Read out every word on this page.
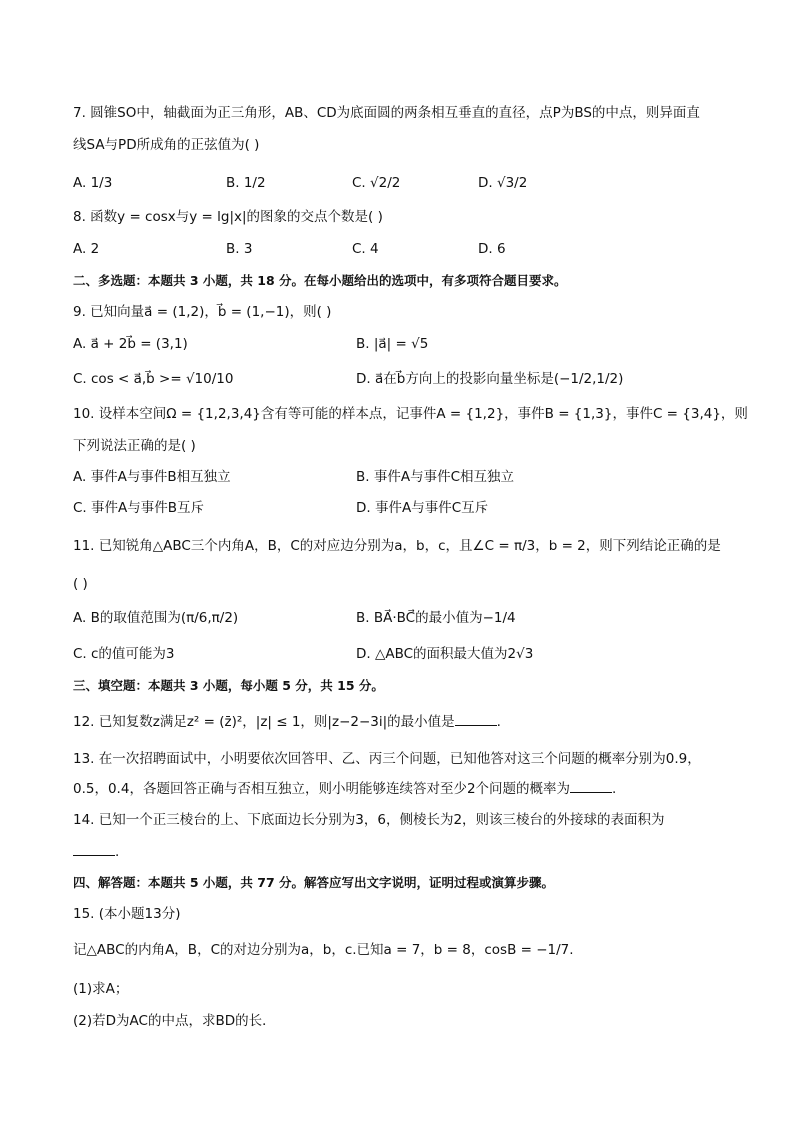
7. 圆锥SO中，轴截面为正三角形，AB、CD为底面圆的两条相互垂直的直径，点P为BS的中点，则异面直
线SA与PD所成角的正弦值为( )
A. 1/3	B. 1/2	C. √2/2	D. √3/2
8. 函数y = cosx与y = lg|x|的图象的交点个数是( )
A. 2	B. 3	C. 4	D. 6
二、多选题：本题共 3 小题，共 18 分。在每小题给出的选项中，有多项符合题目要求。
9. 已知向量a⃗ = (1,2)，b⃗ = (1,−1)，则( )
A. a⃗ + 2b⃗ = (3,1)	B. |a⃗| = √5
C. cos < a⃗,b⃗ >= √10/10	D. a⃗在b⃗方向上的投影向量坐标是(−1/2,1/2)
10. 设样本空间Ω = {1,2,3,4}含有等可能的样本点，记事件A = {1,2}，事件B = {1,3}，事件C = {3,4}，则
下列说法正确的是( )
A. 事件A与事件B相互独立	B. 事件A与事件C相互独立
C. 事件A与事件B互斥	D. 事件A与事件C互斥
11. 已知锐角△ABC三个内角A，B，C的对应边分别为a，b，c，且∠C = π/3，b = 2，则下列结论正确的是
( )
A. B的取值范围为(π/6,π/2)	B. BA⃗·BC⃗的最小值为−1/4
C. c的值可能为3	D. △ABC的面积最大值为2√3
三、填空题：本题共 3 小题，每小题 5 分，共 15 分。
12. 已知复数z满足z² = (z̄)²，|z| ≤ 1，则|z−2−3i|的最小值是	.
13. 在一次招聘面试中，小明要依次回答甲、乙、丙三个问题，已知他答对这三个问题的概率分别为0.9，
0.5，0.4，各题回答正确与否相互独立，则小明能够连续答对至少2个问题的概率为	.
14. 已知一个正三棱台的上、下底面边长分别为3，6，侧棱长为2，则该三棱台的外接球的表面积为
.
四、解答题：本题共 5 小题，共 77 分。解答应写出文字说明，证明过程或演算步骤。
15. (本小题13分)
记△ABC的内角A，B，C的对边分别为a，b，c.已知a = 7，b = 8，cosB = −1/7.
(1)求A；
(2)若D为AC的中点，求BD的长．
